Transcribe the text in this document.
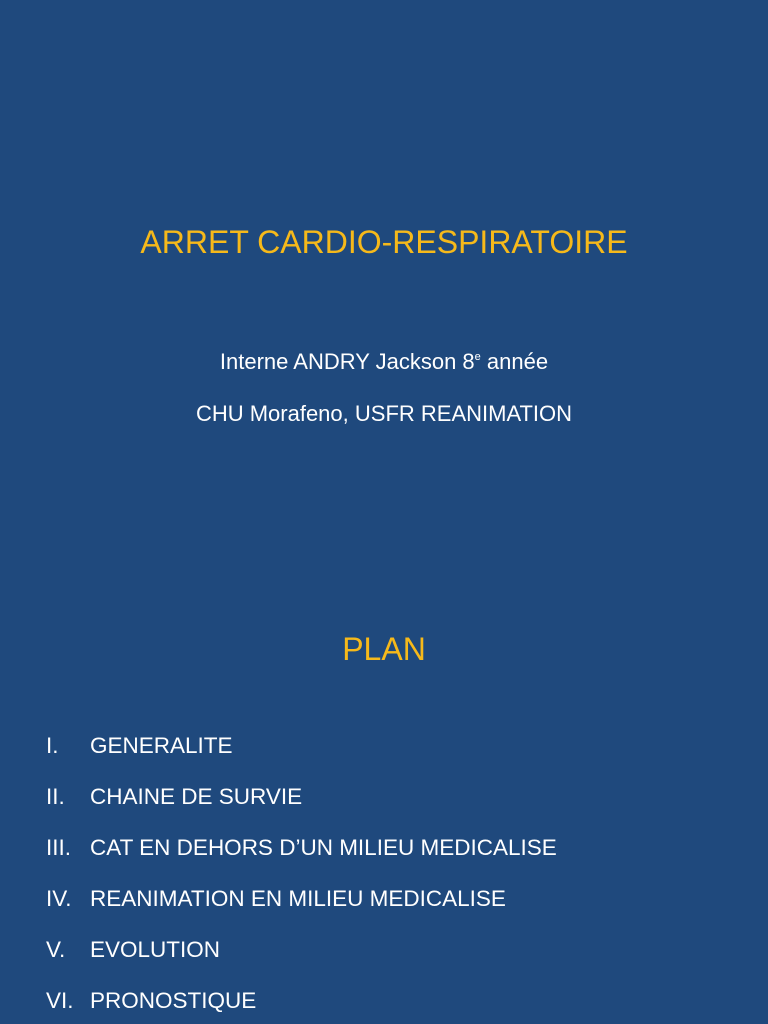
ARRET CARDIO-RESPIRATOIRE
Interne ANDRY Jackson 8e année
CHU Morafeno, USFR REANIMATION
PLAN
I. GENERALITE
II. CHAINE DE SURVIE
III. CAT EN DEHORS D’UN MILIEU MEDICALISE
IV. REANIMATION EN MILIEU MEDICALISE
V. EVOLUTION
VI. PRONOSTIQUE
